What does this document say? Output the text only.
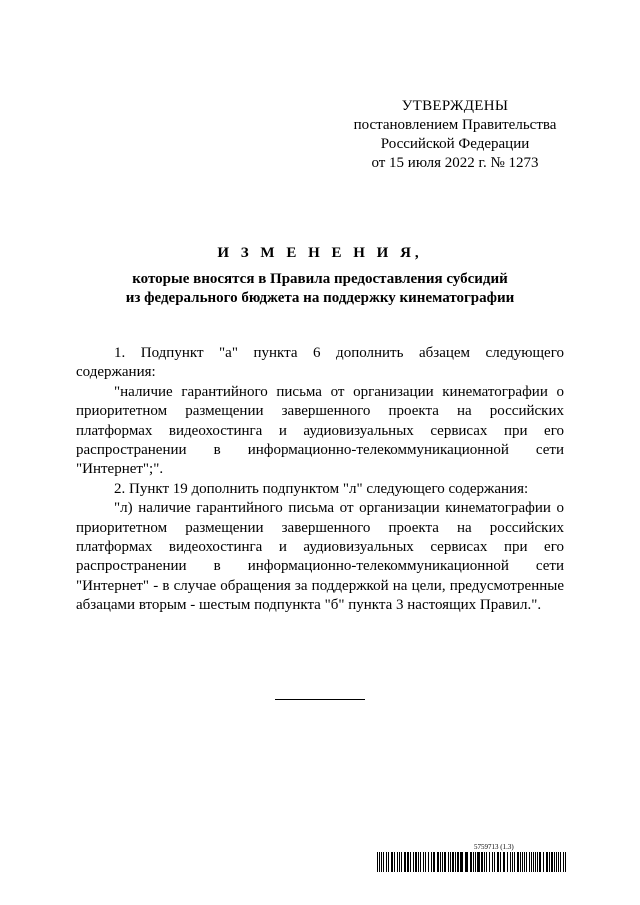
УТВЕРЖДЕНЫ
постановлением Правительства
Российской Федерации
от 15 июля 2022 г. № 1273
И З М Е Н Е Н И Я,
которые вносятся в Правила предоставления субсидий
из федерального бюджета на поддержку кинематографии

1. Подпункт "а" пункта 6 дополнить абзацем следующего содержания:

"наличие гарантийного письма от организации кинематографии о приоритетном размещении завершенного проекта на российских платформах видеохостинга и аудиовизуальных сервисах при его распространении в информационно-телекоммуникационной сети "Интернет";".

2. Пункт 19 дополнить подпунктом "л" следующего содержания:

"л) наличие гарантийного письма от организации кинематографии о приоритетном размещении завершенного проекта на российских платформах видеохостинга и аудиовизуальных сервисах при его распространении в информационно-телекоммуникационной сети "Интернет" - в случае обращения за поддержкой на цели, предусмотренные абзацами вторым - шестым подпункта "б" пункта 3 настоящих Правил.".

5759713 (1.3)
